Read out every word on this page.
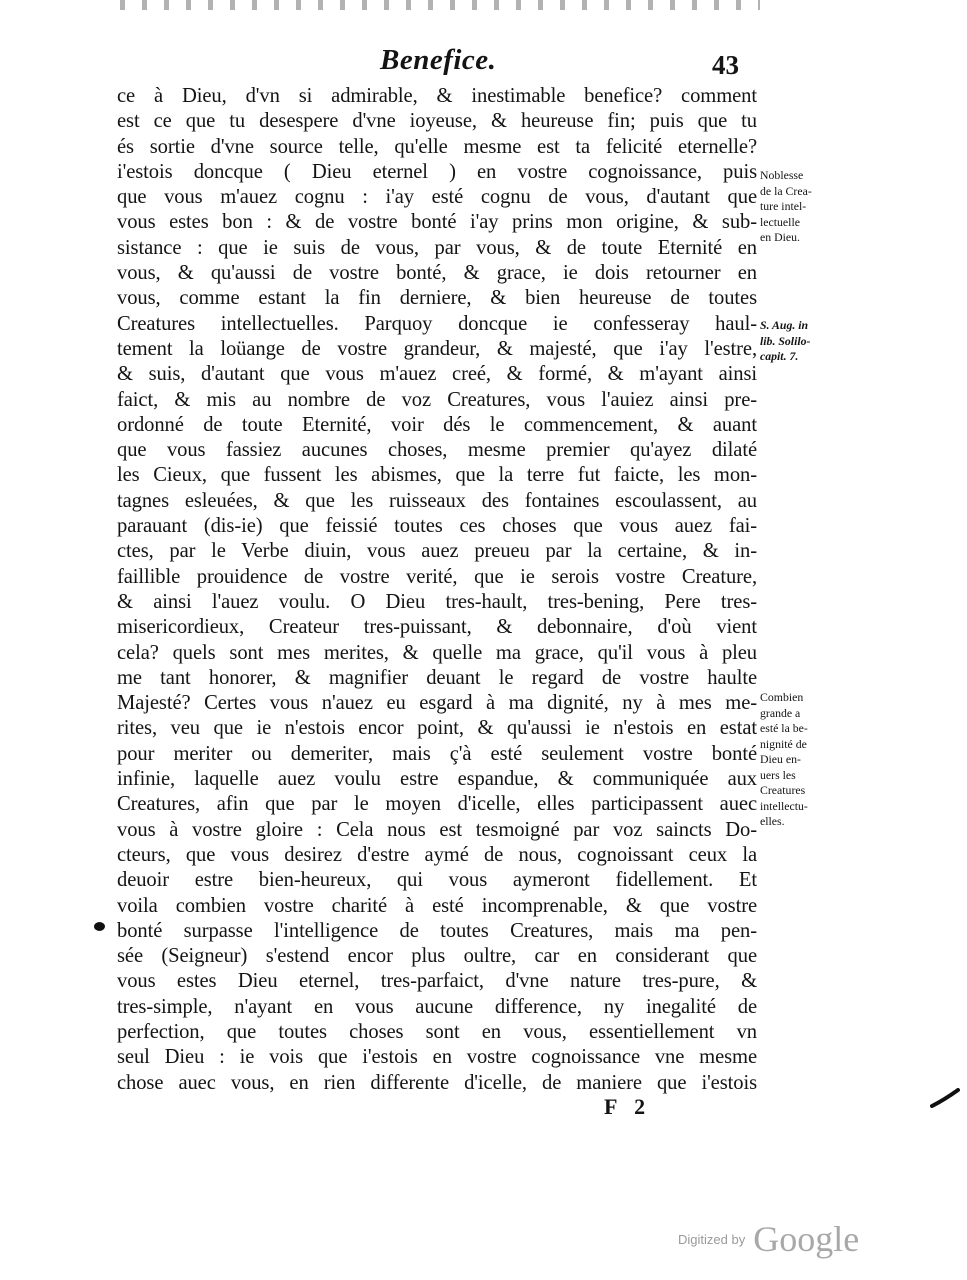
Benefice.	43
ce à Dieu, d'vn si admirable, & inestimable benefice? comment
est ce que tu desespere d'vne ioyeuse, & heureuse fin; puis que tu
és sortie d'vne source telle, qu'elle mesme est ta felicité eternelle?
i'estois doncque ( Dieu eternel ) en vostre cognoissance, puis
que vous m'auez cognu : i'ay esté cognu de vous, d'autant que
vous estes bon : & de vostre bonté i'ay prins mon origine, & sub-
sistance : que ie suis de vous, par vous, & de toute Eternité en
vous, & qu'aussi de vostre bonté, & grace, ie dois retourner en
vous, comme estant la fin derniere, & bien heureuse de toutes
Creatures intellectuelles. Parquoy doncque ie confesseray haul-
tement la loüange de vostre grandeur, & majesté, que i'ay l'estre,
& suis, d'autant que vous m'auez creé, & formé, & m'ayant ainsi
faict, & mis au nombre de voz Creatures, vous l'auiez ainsi pre-
ordonné de toute Eternité, voir dés le commencement, & auant
que vous fassiez aucunes choses, mesme premier qu'ayez dilaté
les Cieux, que fussent les abismes, que la terre fut faicte, les mon-
tagnes esleuées, & que les ruisseaux des fontaines escoulassent, au
parauant (dis-ie) que feissié toutes ces choses que vous auez fai-
ctes, par le Verbe diuin, vous auez preueu par la certaine, & in-
faillible prouidence de vostre verité, que ie serois vostre Creature,
& ainsi l'auez voulu. O Dieu tres-hault, tres-bening, Pere tres-
misericordieux, Createur tres-puissant, & debonnaire, d'où vient
cela? quels sont mes merites, & quelle ma grace, qu'il vous à pleu
me tant honorer, & magnifier deuant le regard de vostre haulte
Majesté? Certes vous n'auez eu esgard à ma dignité, ny à mes me-
rites, veu que ie n'estois encor point, & qu'aussi ie n'estois en estat
pour meriter ou demeriter, mais ç'à esté seulement vostre bonté
infinie, laquelle auez voulu estre espandue, & communiquée aux
Creatures, afin que par le moyen d'icelle, elles participassent auec
vous à vostre gloire : Cela nous est tesmoigné par voz saincts Do-
cteurs, que vous desirez d'estre aymé de nous, cognoissant ceux la
deuoir estre bien-heureux, qui vous aymeront fidellement. Et
voila combien vostre charité à esté incomprenable, & que vostre
bonté surpasse l'intelligence de toutes Creatures, mais ma pen-
sée (Seigneur) s'estend encor plus oultre, car en considerant que
vous estes Dieu eternel, tres-parfaict, d'vne nature tres-pure, &
tres-simple, n'ayant en vous aucune difference, ny inegalité de
perfection, que toutes choses sont en vous, essentiellement vn
seul Dieu : ie vois que i'estois en vostre cognoissance vne mesme
chose auec vous, en rien differente d'icelle, de maniere que i'estois
Noblesse
de la Crea-
ture intel-
lectuelle
en Dieu.
S. Aug. in
lib. Solilo-
capit. 7.
Combien
grande a
esté la be-
nignité de
Dieu en-
uers les
Creatures
intellectu-
elles.
F 2
Digitized by Google
